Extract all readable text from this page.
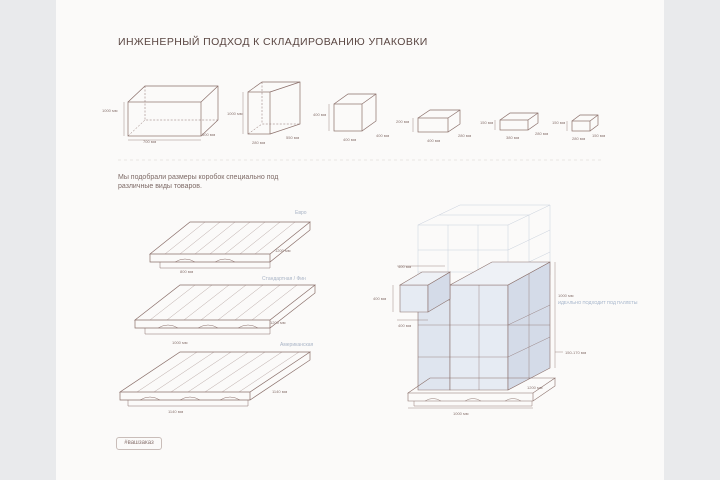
ИНЖЕНЕРНЫЙ ПОДХОД К СКЛАДИРОВАНИЮ УПАКОВКИ
Мы подобрали размеры коробок специально под различные виды товаров.
Евро
Стандартная / Фин
Американская
#вашзаказ
1000 мм
700 мм
500 мм
1000 мм
280 мм
550 мм
400 мм
400 мм
400 мм
200 мм
400 мм
280 мм
150 мм
380 мм
280 мм
150 мм
280 мм
150 мм
800 мм
1200 мм
1000 мм
1200 мм
1140 мм
1140 мм
400 мм
400 мм
400 мм
1000 мм
ИДЕАЛЬНО ПОДХОДИТ ПОД ПАЛЛЕТЫ
150-170 мм
1000 мм
1200 мм
